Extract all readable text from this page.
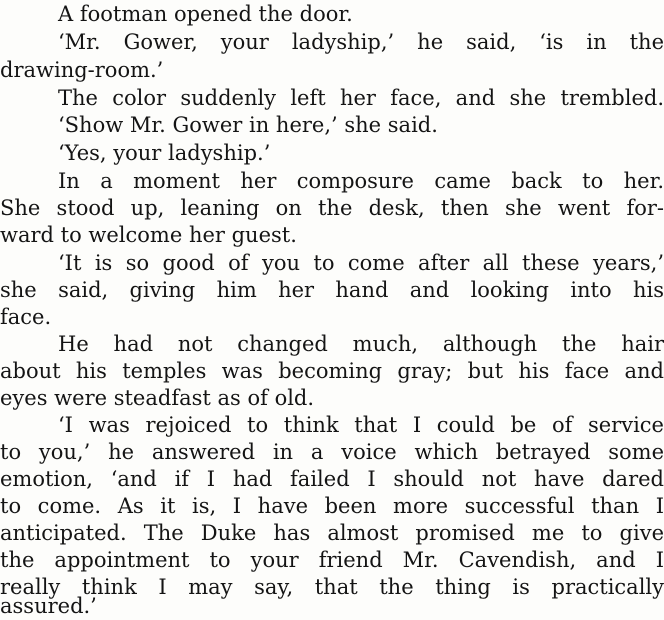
A footman opened the door.
‘Mr. Gower, your ladyship,’ he said, ‘is in the
drawing-room.’
The color suddenly left her face, and she trembled.
‘Show Mr. Gower in here,’ she said.
‘Yes, your ladyship.’
In a moment her composure came back to her.
She stood up, leaning on the desk, then she went for-
ward to welcome her guest.
‘It is so good of you to come after all these years,’
she said, giving him her hand and looking into his
face.
He had not changed much, although the hair
about his temples was becoming gray; but his face and
eyes were steadfast as of old.
‘I was rejoiced to think that I could be of service
to you,’ he answered in a voice which betrayed some
emotion, ‘and if I had failed I should not have dared
to come. As it is, I have been more successful than I
anticipated. The Duke has almost promised me to give
the appointment to your friend Mr. Cavendish, and I
really think I may say, that the thing is practically
assured.’
